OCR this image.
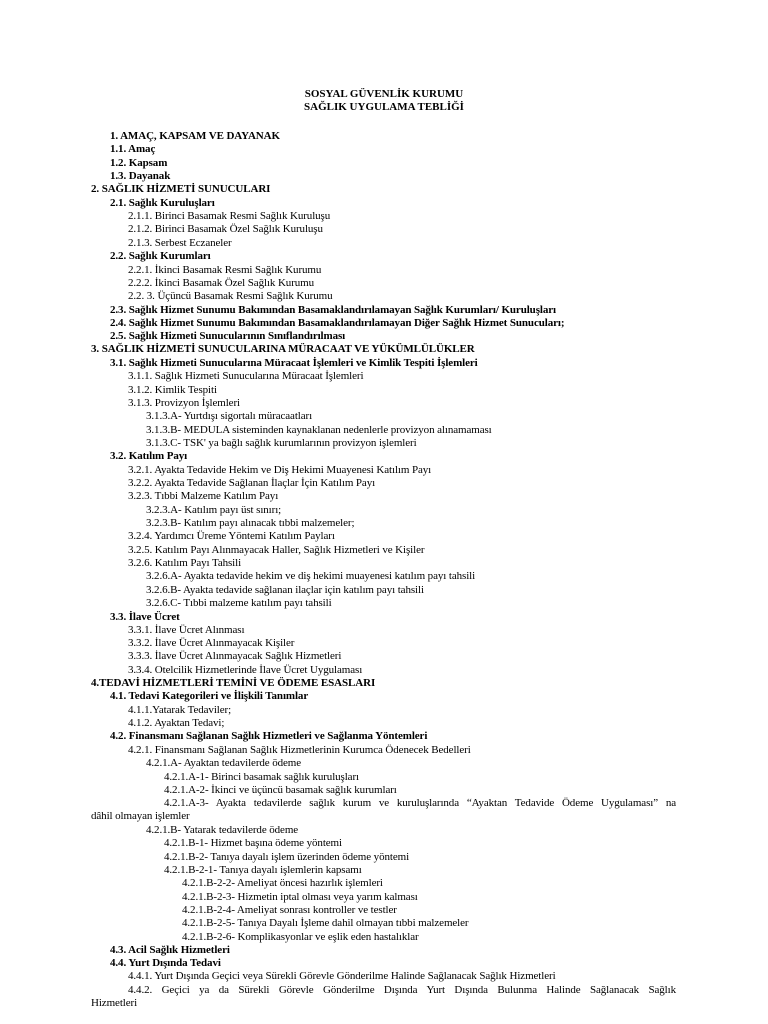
SOSYAL GÜVENLİK KURUMU
SAĞLIK UYGULAMA TEBLİĞİ
1. AMAÇ, KAPSAM VE DAYANAK
1.1. Amaç
1.2. Kapsam
1.3. Dayanak
2. SAĞLIK HİZMETİ SUNUCULARI
2.1. Sağlık Kuruluşları
2.1.1. Birinci Basamak Resmi Sağlık Kuruluşu
2.1.2. Birinci Basamak Özel Sağlık Kuruluşu
2.1.3. Serbest Eczaneler
2.2. Sağlık Kurumları
2.2.1. İkinci Basamak Resmi Sağlık Kurumu
2.2.2. İkinci Basamak Özel Sağlık Kurumu
2.2. 3. Üçüncü Basamak Resmi Sağlık Kurumu
2.3. Sağlık Hizmet Sunumu Bakımından Basamaklandırılamayan Sağlık Kurumları/ Kuruluşları
2.4. Sağlık Hizmet Sunumu Bakımından Basamaklandırılamayan Diğer Sağlık Hizmet Sunucuları;
2.5. Sağlık Hizmeti Sunucularının Sınıflandırılması
3. SAĞLIK HİZMETİ SUNUCULARINA MÜRACAAT VE YÜKÜMLÜLÜKLER
3.1. Sağlık Hizmeti Sunucularına Müracaat İşlemleri ve Kimlik Tespiti İşlemleri
3.1.1. Sağlık Hizmeti Sunucularına Müracaat İşlemleri
3.1.2. Kimlik Tespiti
3.1.3. Provizyon İşlemleri
3.1.3.A- Yurtdışı sigortalı müracaatları
3.1.3.B- MEDULA sisteminden kaynaklanan nedenlerle provizyon alınamaması
3.1.3.C- TSK' ya bağlı sağlık kurumlarının provizyon işlemleri
3.2. Katılım Payı
3.2.1. Ayakta Tedavide Hekim ve Diş Hekimi Muayenesi Katılım Payı
3.2.2. Ayakta Tedavide Sağlanan İlaçlar İçin Katılım Payı
3.2.3. Tıbbi Malzeme Katılım Payı
3.2.3.A- Katılım payı üst sınırı;
3.2.3.B- Katılım payı alınacak tıbbi malzemeler;
3.2.4. Yardımcı Üreme Yöntemi Katılım Payları
3.2.5. Katılım Payı Alınmayacak Haller, Sağlık Hizmetleri ve Kişiler
3.2.6. Katılım Payı Tahsili
3.2.6.A- Ayakta tedavide hekim ve diş hekimi muayenesi katılım payı tahsili
3.2.6.B- Ayakta tedavide sağlanan ilaçlar için katılım payı tahsili
3.2.6.C- Tıbbi malzeme katılım payı tahsili
3.3. İlave Ücret
3.3.1. İlave Ücret Alınması
3.3.2. İlave Ücret Alınmayacak Kişiler
3.3.3. İlave Ücret Alınmayacak Sağlık Hizmetleri
3.3.4. Otelcilik Hizmetlerinde İlave Ücret Uygulaması
4.TEDAVİ HİZMETLERİ TEMİNİ VE ÖDEME ESASLARI
4.1. Tedavi Kategorileri ve İlişkili Tanımlar
4.1.1.Yatarak Tedaviler;
4.1.2. Ayaktan Tedavi;
4.2. Finansmanı Sağlanan Sağlık Hizmetleri ve Sağlanma Yöntemleri
4.2.1. Finansmanı Sağlanan Sağlık Hizmetlerinin Kurumca Ödenecek Bedelleri
4.2.1.A- Ayaktan tedavilerde ödeme
4.2.1.A-1- Birinci basamak sağlık kuruluşları
4.2.1.A-2- İkinci ve üçüncü basamak sağlık kurumları
4.2.1.A-3- Ayakta tedavilerde sağlık kurum ve kuruluşlarında “Ayaktan Tedavide Ödeme Uygulaması” na
dâhil olmayan işlemler
4.2.1.B- Yatarak tedavilerde ödeme
4.2.1.B-1- Hizmet başına ödeme yöntemi
4.2.1.B-2- Tanıya dayalı işlem üzerinden ödeme yöntemi
4.2.1.B-2-1- Tanıya dayalı işlemlerin kapsamı
4.2.1.B-2-2- Ameliyat öncesi hazırlık işlemleri
4.2.1.B-2-3- Hizmetin iptal olması veya yarım kalması
4.2.1.B-2-4- Ameliyat sonrası kontroller ve testler
4.2.1.B-2-5- Tanıya Dayalı İşleme dahil olmayan tıbbi malzemeler
4.2.1.B-2-6- Komplikasyonlar ve eşlik eden hastalıklar
4.3. Acil Sağlık Hizmetleri
4.4. Yurt Dışında Tedavi
4.4.1. Yurt Dışında Geçici veya Sürekli Görevle Gönderilme Halinde Sağlanacak Sağlık Hizmetleri
4.4.2. Geçici ya da Sürekli Görevle Gönderilme Dışında Yurt Dışında Bulunma Halinde Sağlanacak Sağlık
Hizmetleri
